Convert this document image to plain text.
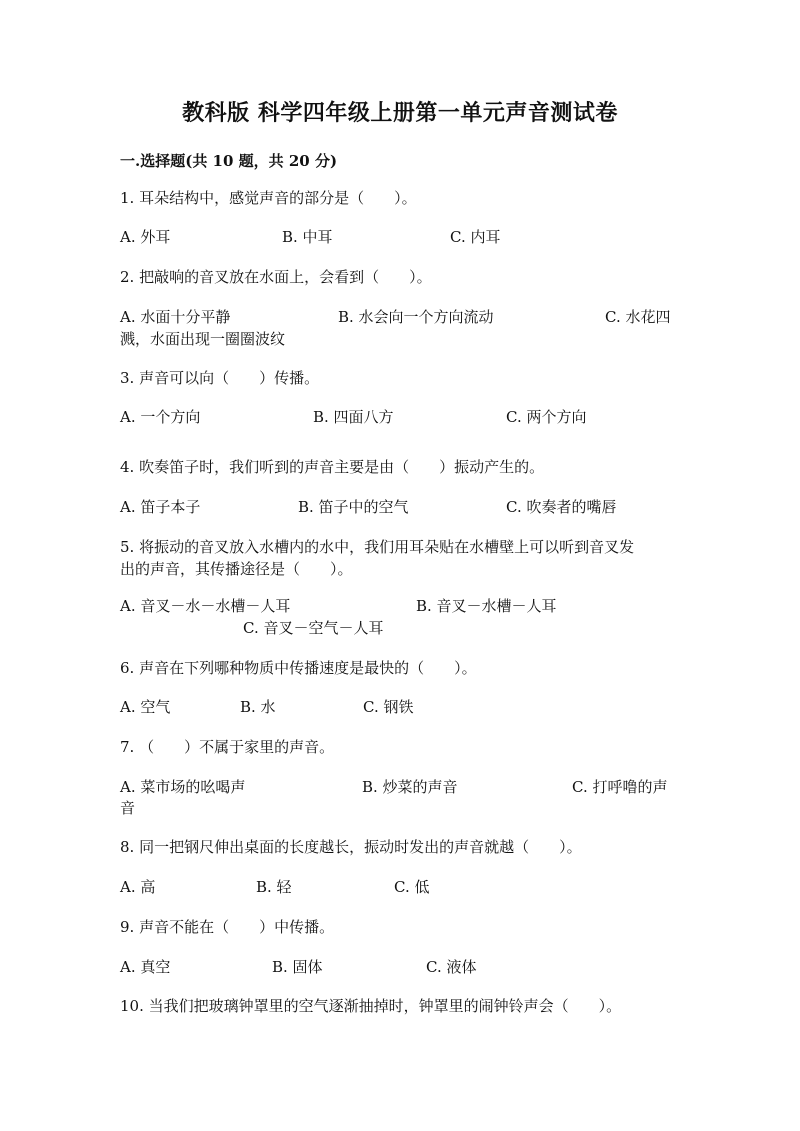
教科版 科学四年级上册第一单元声音测试卷
一.选择题(共 10 题，共 20 分)
1. 耳朵结构中，感觉声音的部分是（　　）。
A. 外耳	B. 中耳	C. 内耳
2. 把敲响的音叉放在水面上，会看到（　　）。
A. 水面十分平静	B. 水会向一个方向流动	C. 水花四
溅，水面出现一圈圈波纹
3. 声音可以向（　　）传播。
A. 一个方向	B. 四面八方	C. 两个方向
4. 吹奏笛子时，我们听到的声音主要是由（　　）振动产生的。
A. 笛子本子	B. 笛子中的空气	C. 吹奏者的嘴唇
5. 将振动的音叉放入水槽内的水中，我们用耳朵贴在水槽壁上可以听到音叉发
出的声音，其传播途径是（　　）。
A. 音叉－水－水槽－人耳	B. 音叉－水槽－人耳
C. 音叉－空气－人耳
6. 声音在下列哪种物质中传播速度是最快的（　　）。
A. 空气	B. 水	C. 钢铁
7. （　　）不属于家里的声音。
A. 菜市场的吆喝声	B. 炒菜的声音	C. 打呼噜的声
音
8. 同一把钢尺伸出桌面的长度越长，振动时发出的声音就越（　　）。
A. 高	B. 轻	C. 低
9. 声音不能在（　　）中传播。
A. 真空	B. 固体	C. 液体
10. 当我们把玻璃钟罩里的空气逐渐抽掉时，钟罩里的闹钟铃声会（　　）。
